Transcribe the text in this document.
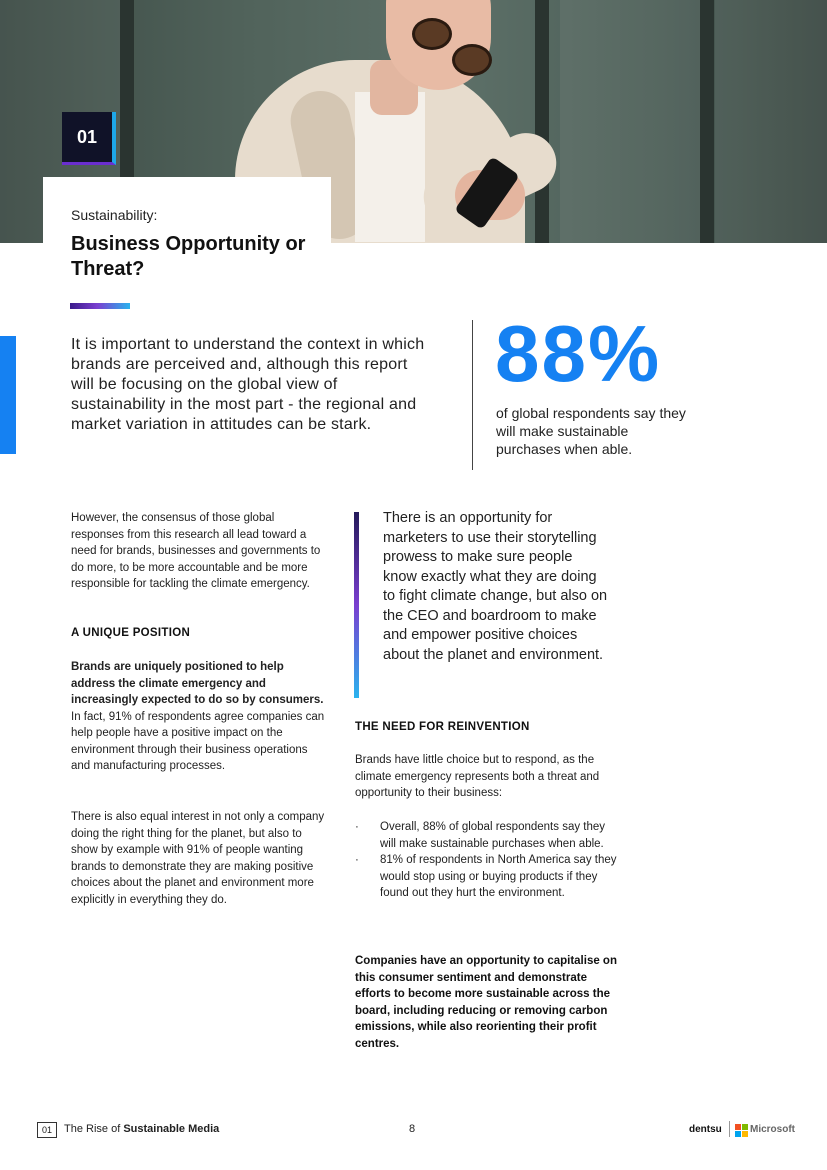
01
Sustainability:
Business Opportunity or Threat?
It is important to understand the context in which brands are perceived and, although this report will be focusing on the global view of sustainability in the most part - the regional and market variation in attitudes can be stark.
88%
of global respondents say they will make sustainable purchases when able.

However, the consensus of those global responses from this research all lead toward a need for brands, businesses and governments to do more, to be more accountable and be more responsible for tackling the climate emergency.

A UNIQUE POSITION

Brands are uniquely positioned to help address the climate emergency and increasingly expected to do so by consumers. In fact, 91% of respondents agree companies can help people have a positive impact on the environment through their business operations and manufacturing processes.

There is also equal interest in not only a company doing the right thing for the planet, but also to show by example with 91% of people wanting brands to demonstrate they are making positive choices about the planet and environment more explicitly in everything they do.

There is an opportunity for marketers to use their storytelling prowess to make sure people know exactly what they are doing to fight climate change, but also on the CEO and boardroom to make and empower positive choices about the planet and environment.
THE NEED FOR REINVENTION

Brands have little choice but to respond, as the climate emergency represents both a threat and opportunity to their business:

· Overall, 88% of global respondents say they will make sustainable purchases when able.
· 81% of respondents in North America say they would stop using or buying products if they found out they hurt the environment.

Companies have an opportunity to capitalise on this consumer sentiment and demonstrate efforts to become more sustainable across the board, including reducing or removing carbon emissions, while also reorienting their profit centres.

01	The Rise of Sustainable Media	8	dentsu	Microsoft
